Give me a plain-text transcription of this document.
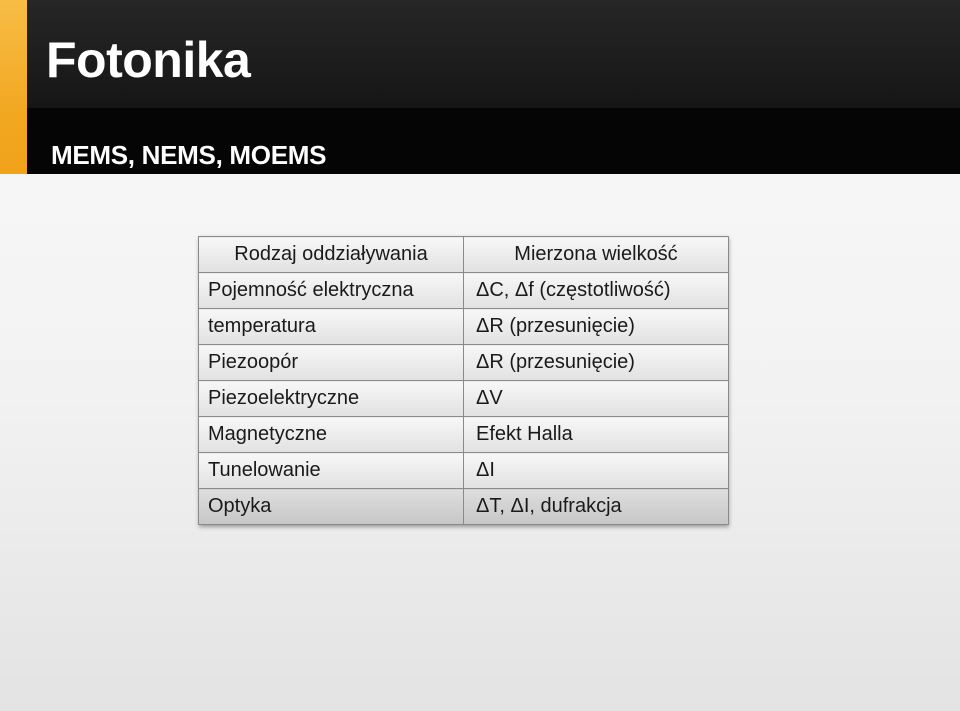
Fotonika
MEMS, NEMS, MOEMS
Rodzaj oddziaływania	Mierzona wielkość
Pojemność elektryczna	ΔC, Δf (częstotliwość)
temperatura	ΔR (przesunięcie)
Piezoopór	ΔR (przesunięcie)
Piezoelektryczne	ΔV
Magnetyczne	Efekt Halla
Tunelowanie	ΔI
Optyka	ΔT, ΔI, dufrakcja
